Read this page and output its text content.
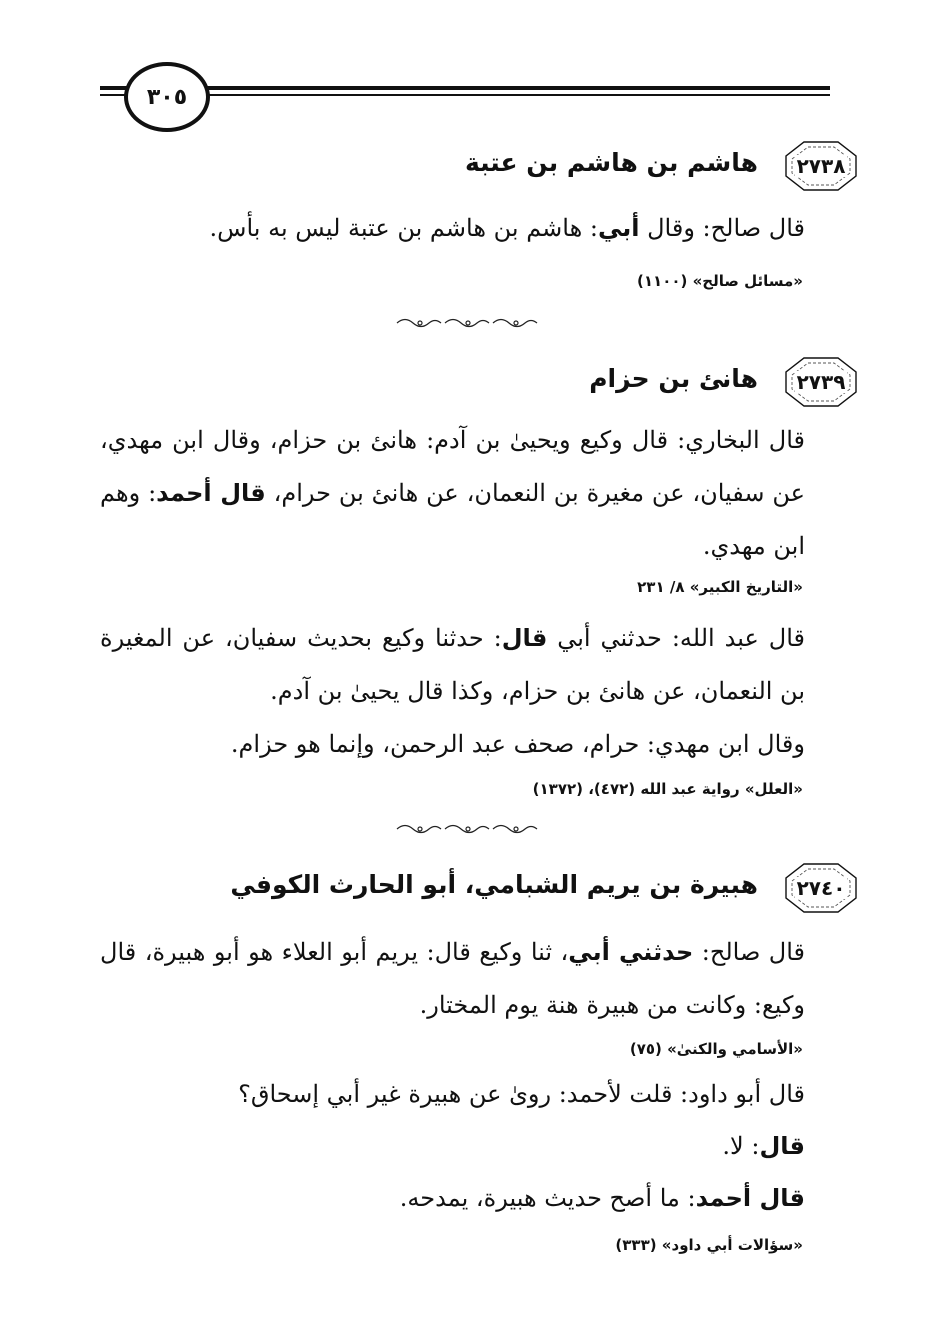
٣٠٥
٢٧٣٨
هاشم بن هاشم بن عتبة

قال صالح: وقال أبي: هاشم بن هاشم بن عتبة ليس به بأس.

«مسائل صالح» (١١٠٠)
٢٧٣٩
هانئ بن حزام

قال البخاري: قال وكيع ويحيىٰ بن آدم: هانئ بن حزام، وقال ابن مهدي، عن سفيان، عن مغيرة بن النعمان، عن هانئ بن حرام، قال أحمد: وهم ابن مهدي.

«التاريخ الكبير» ٨/ ٢٣١

قال عبد الله: حدثني أبي قال: حدثنا وكيع بحديث سفيان، عن المغيرة بن النعمان، عن هانئ بن حزام، وكذا قال يحيىٰ بن آدم.

وقال ابن مهدي: حرام، صحف عبد الرحمن، وإنما هو حزام.

«العلل» رواية عبد الله (٤٧٢)، (١٣٧٢)
٢٧٤٠
هبيرة بن يريم الشبامي، أبو الحارث الكوفي

قال صالح: حدثني أبي، ثنا وكيع قال: يريم أبو العلاء هو أبو هبيرة، قال وكيع: وكانت من هبيرة هنة يوم المختار.

«الأسامي والكنىٰ» (٧٥)

قال أبو داود: قلت لأحمد: روىٰ عن هبيرة غير أبي إسحاق؟

قال: لا.

قال أحمد: ما أصح حديث هبيرة، يمدحه.

«سؤالات أبي داود» (٣٣٣)
